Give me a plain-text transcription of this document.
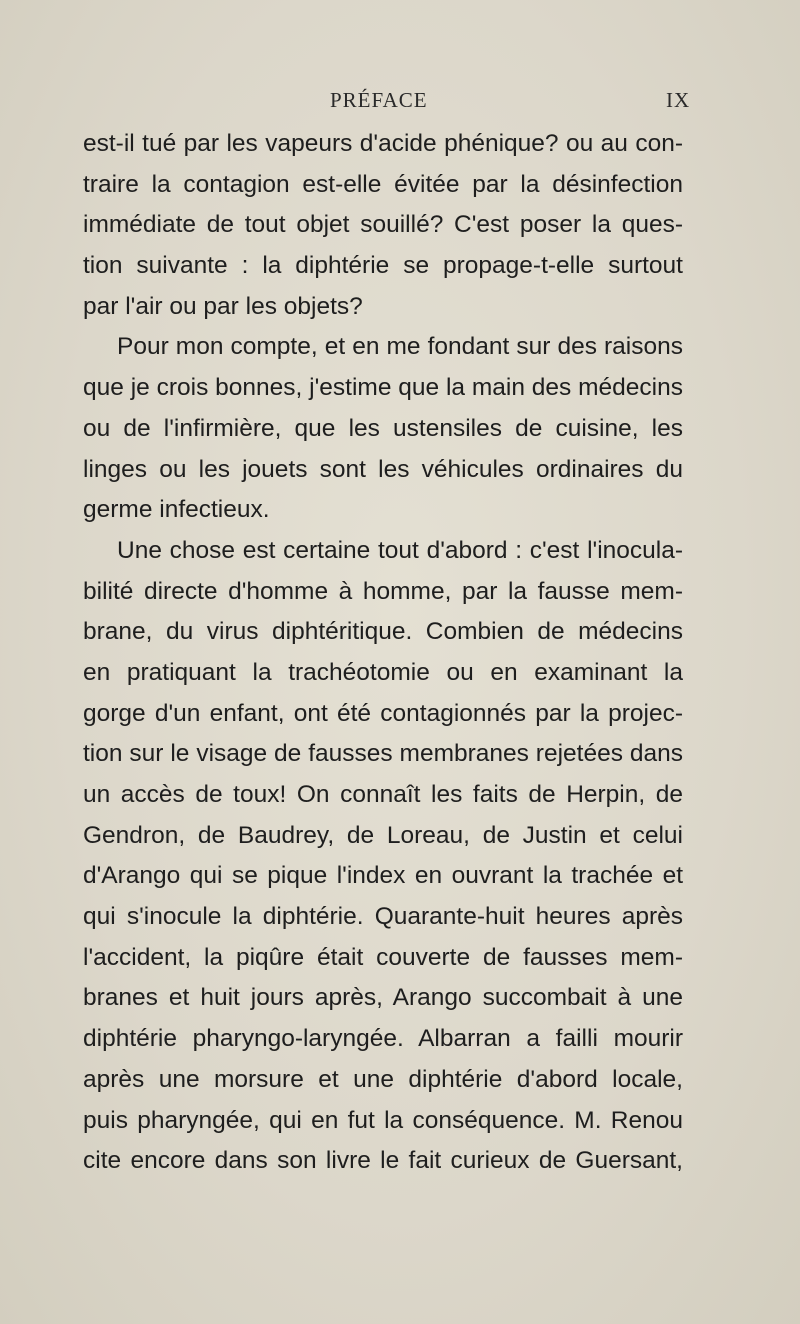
PRÉFACE	IX
est-il tué par les vapeurs d'acide phénique? ou au con-
traire la contagion est-elle évitée par la désinfection
immédiate de tout objet souillé? C'est poser la ques-
tion suivante : la diphtérie se propage-t-elle surtout
par l'air ou par les objets?
Pour mon compte, et en me fondant sur des raisons
que je crois bonnes, j'estime que la main des médecins
ou de l'infirmière, que les ustensiles de cuisine, les
linges ou les jouets sont les véhicules ordinaires du
germe infectieux.
Une chose est certaine tout d'abord : c'est l'inocula-
bilité directe d'homme à homme, par la fausse mem-
brane, du virus diphtéritique. Combien de médecins
en pratiquant la trachéotomie ou en examinant la
gorge d'un enfant, ont été contagionnés par la projec-
tion sur le visage de fausses membranes rejetées dans
un accès de toux! On connaît les faits de Herpin, de
Gendron, de Baudrey, de Loreau, de Justin et celui
d'Arango qui se pique l'index en ouvrant la trachée et
qui s'inocule la diphtérie. Quarante-huit heures après
l'accident, la piqûre était couverte de fausses mem-
branes et huit jours après, Arango succombait à une
diphtérie pharyngo-laryngée. Albarran a failli mourir
après une morsure et une diphtérie d'abord locale,
puis pharyngée, qui en fut la conséquence. M. Renou
cite encore dans son livre le fait curieux de Guersant,
